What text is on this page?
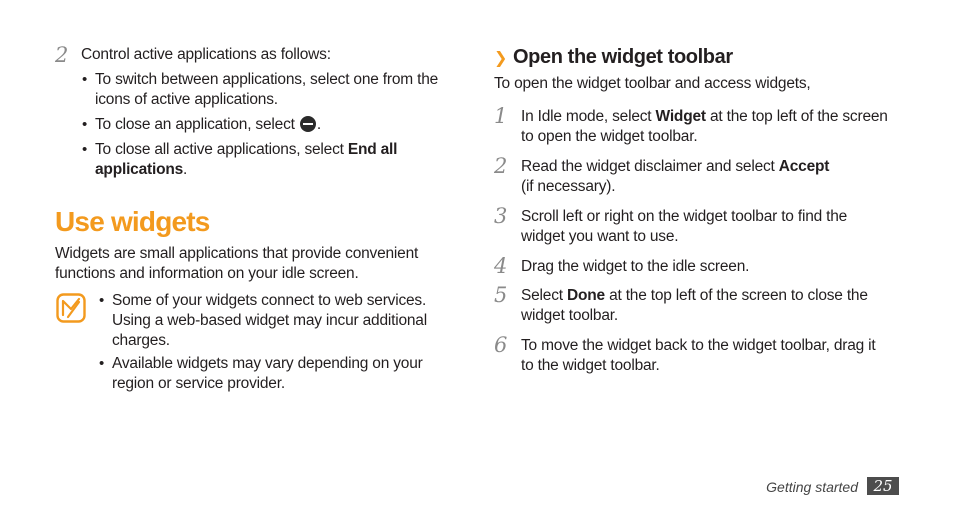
2 Control active applications as follows:
• To switch between applications, select one from the
icons of active applications.
• To close an application, select .
• To close all active applications, select End all
applications.
Use widgets
Widgets are small applications that provide convenient
functions and information on your idle screen.
• Some of your widgets connect to web services.
Using a web-based widget may incur additional
charges.
• Available widgets may vary depending on your
region or service provider.
❯ Open the widget toolbar
To open the widget toolbar and access widgets,
1 In Idle mode, select Widget at the top left of the screen
to open the widget toolbar.
2 Read the widget disclaimer and select Accept
(if necessary).
3 Scroll left or right on the widget toolbar to find the
widget you want to use.
4 Drag the widget to the idle screen.
5 Select Done at the top left of the screen to close the
widget toolbar.
6 To move the widget back to the widget toolbar, drag it
to the widget toolbar.
Getting started	25
